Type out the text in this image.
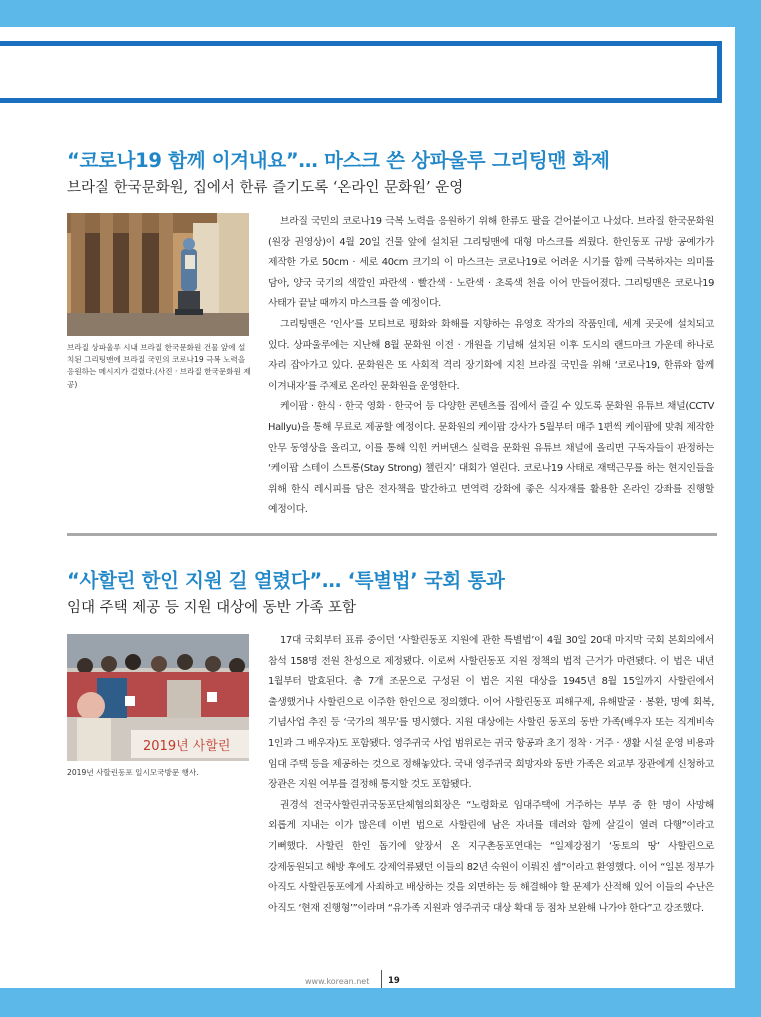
“코로나19 함께 이겨내요”… 마스크 쓴 상파울루 그리팅맨 화제
브라질 한국문화원, 집에서 한류 즐기도록 ‘온라인 문화원’ 운영
브라질 상파울루 시내 브라질 한국문화원 건물 앞에 설치된 그리팅맨에 브라질 국민의 코로나19 극복 노력을 응원하는 메시지가 걸렸다.(사진 · 브라질 한국문화원 제공)

브라질 국민의 코로나19 극복 노력을 응원하기 위해 한류도 팔을 걷어붙이고 나섰다. 브라질 한국문화원(원장 권영상)이 4월 20일 건물 앞에 설치된 그리팅맨에 대형 마스크를 씌웠다. 한인동포 규방 공예가가 제작한 가로 50cm · 세로 40cm 크기의 이 마스크는 코로나19로 어려운 시기를 함께 극복하자는 의미를 담아, 양국 국기의 색깔인 파란색 · 빨간색 · 노란색 · 초록색 천을 이어 만들어졌다. 그리팅맨은 코로나19 사태가 끝날 때까지 마스크를 쓸 예정이다.

그리팅맨은 ‘인사’를 모티브로 평화와 화해를 지향하는 유영호 작가의 작품인데, 세계 곳곳에 설치되고 있다. 상파울루에는 지난해 8월 문화원 이전 · 개원을 기념해 설치된 이후 도시의 랜드마크 가운데 하나로 자리 잡아가고 있다. 문화원은 또 사회적 격리 장기화에 지친 브라질 국민을 위해 ‘코로나19, 한류와 함께 이겨내자’를 주제로 온라인 문화원을 운영한다.

케이팝 · 한식 · 한국 영화 · 한국어 등 다양한 콘텐츠를 집에서 즐길 수 있도록 문화원 유튜브 채널(CCTV Hallyu)을 통해 무료로 제공할 예정이다. 문화원의 케이팝 강사가 5월부터 매주 1편씩 케이팝에 맞춰 제작한 안무 동영상을 올리고, 이를 통해 익힌 커버댄스 실력을 문화원 유튜브 채널에 올리면 구독자들이 판정하는 ‘케이팝 스테이 스트롱(Stay Strong) 챌린지’ 대회가 열린다. 코로나19 사태로 재택근무를 하는 현지인들을 위해 한식 레시피를 담은 전자책을 발간하고 면역력 강화에 좋은 식자재를 활용한 온라인 강좌를 진행할 예정이다.

“사할린 한인 지원 길 열렸다”… ‘특별법’ 국회 통과
임대 주택 제공 등 지원 대상에 동반 가족 포함
2019년 사할린
2019년 사할린동포 일시모국방문 행사.

17대 국회부터 표류 중이던 ‘사할린동포 지원에 관한 특별법’이 4월 30일 20대 마지막 국회 본회의에서 참석 158명 전원 찬성으로 제정됐다. 이로써 사할린동포 지원 정책의 법적 근거가 마련됐다. 이 법은 내년 1월부터 발효된다. 총 7개 조문으로 구성된 이 법은 지원 대상을 1945년 8월 15일까지 사할린에서 출생했거나 사할린으로 이주한 한인으로 정의했다. 이어 사할린동포 피해구제, 유해발굴 · 봉환, 명예 회복, 기념사업 추진 등 ‘국가의 책무’를 명시했다. 지원 대상에는 사할린 동포의 동반 가족(배우자 또는 직계비속 1인과 그 배우자)도 포함됐다. 영주귀국 사업 범위로는 귀국 항공과 초기 정착 · 거주 · 생활 시설 운영 비용과 임대 주택 등을 제공하는 것으로 정해놓았다. 국내 영주귀국 희망자와 동반 가족은 외교부 장관에게 신청하고 장관은 지원 여부를 결정해 통지할 것도 포함됐다.

권경석 전국사할린귀국동포단체협의회장은 “노령화로 임대주택에 거주하는 부부 중 한 명이 사망해 외롭게 지내는 이가 많은데 이번 법으로 사할린에 남은 자녀를 데려와 함께 살길이 열려 다행”이라고 기뻐했다. 사할린 한인 돕기에 앞장서 온 지구촌동포연대는 “일제강점기 ‘동토의 땅’ 사할린으로 강제동원되고 해방 후에도 강제억류됐던 이들의 82년 숙원이 이뤄진 셈”이라고 환영했다. 이어 “일본 정부가 아직도 사할린동포에게 사죄하고 배상하는 것을 외면하는 등 해결해야 할 문제가 산적해 있어 이들의 수난은 아직도 ‘현재 진행형’”이라며 “유가족 지원과 영주귀국 대상 확대 등 점차 보완해 나가야 한다”고 강조했다.

www.korean.net 19
